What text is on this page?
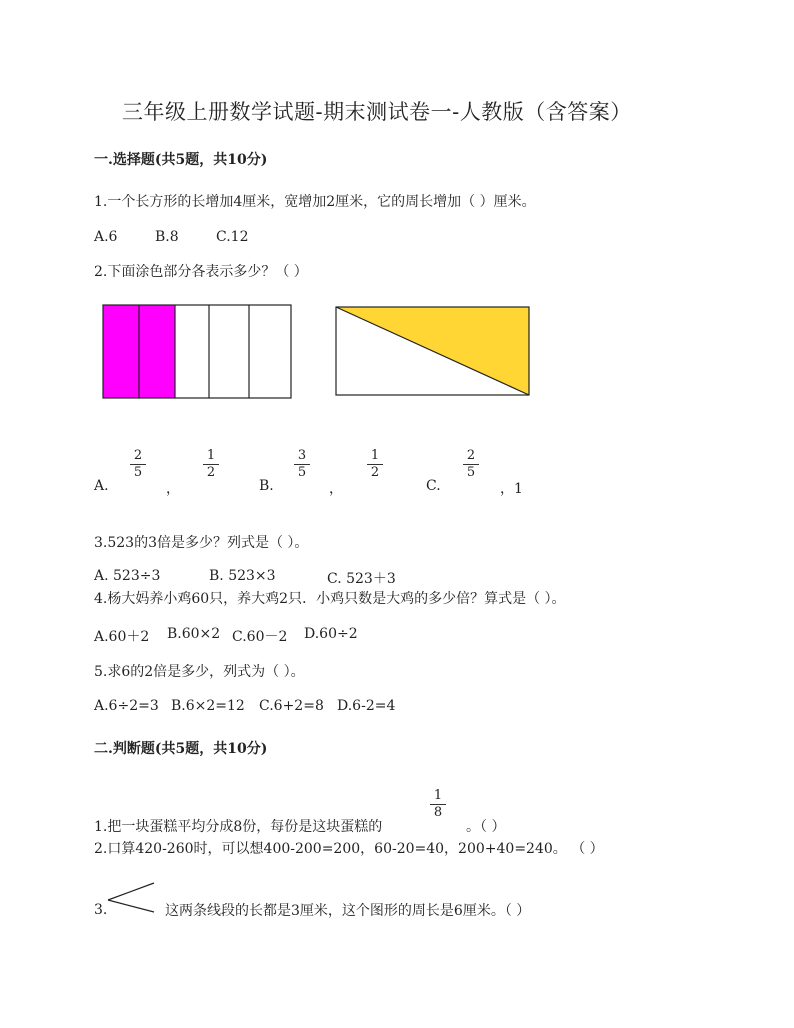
三年级上册数学试题-期末测试卷一-人教版（含答案）
一.选择题(共5题，共10分)
1.一个长方形的长增加4厘米，宽增加2厘米，它的周长增加（ ）厘米。
A.6	B.8	C.12
2.下面涂色部分各表示多少？（ ）
A.
2
5
，
1
2
B.
3
5
，
1
2
C.
2
5
，1
3.523的3倍是多少？列式是（ ）。
A. 523÷3	B. 523×3	C. 523＋3
4.杨大妈养小鸡60只，养大鸡2只．小鸡只数是大鸡的多少倍？算式是（ ）。
A.60＋2 B.60×2 C.60－2 D.60÷2
5.求6的2倍是多少，列式为（ ）。
A.6÷2=3 B.6×2=12 C.6+2=8 D.6-2=4
二.判断题(共5题，共10分)
1.把一块蛋糕平均分成8份，每份是这块蛋糕的
1
8
。（ ）
2.口算420-260时，可以想400-200=200，60-20=40，200+40=240。 （ ）
3.	这两条线段的长都是3厘米，这个图形的周长是6厘米。（ ）
